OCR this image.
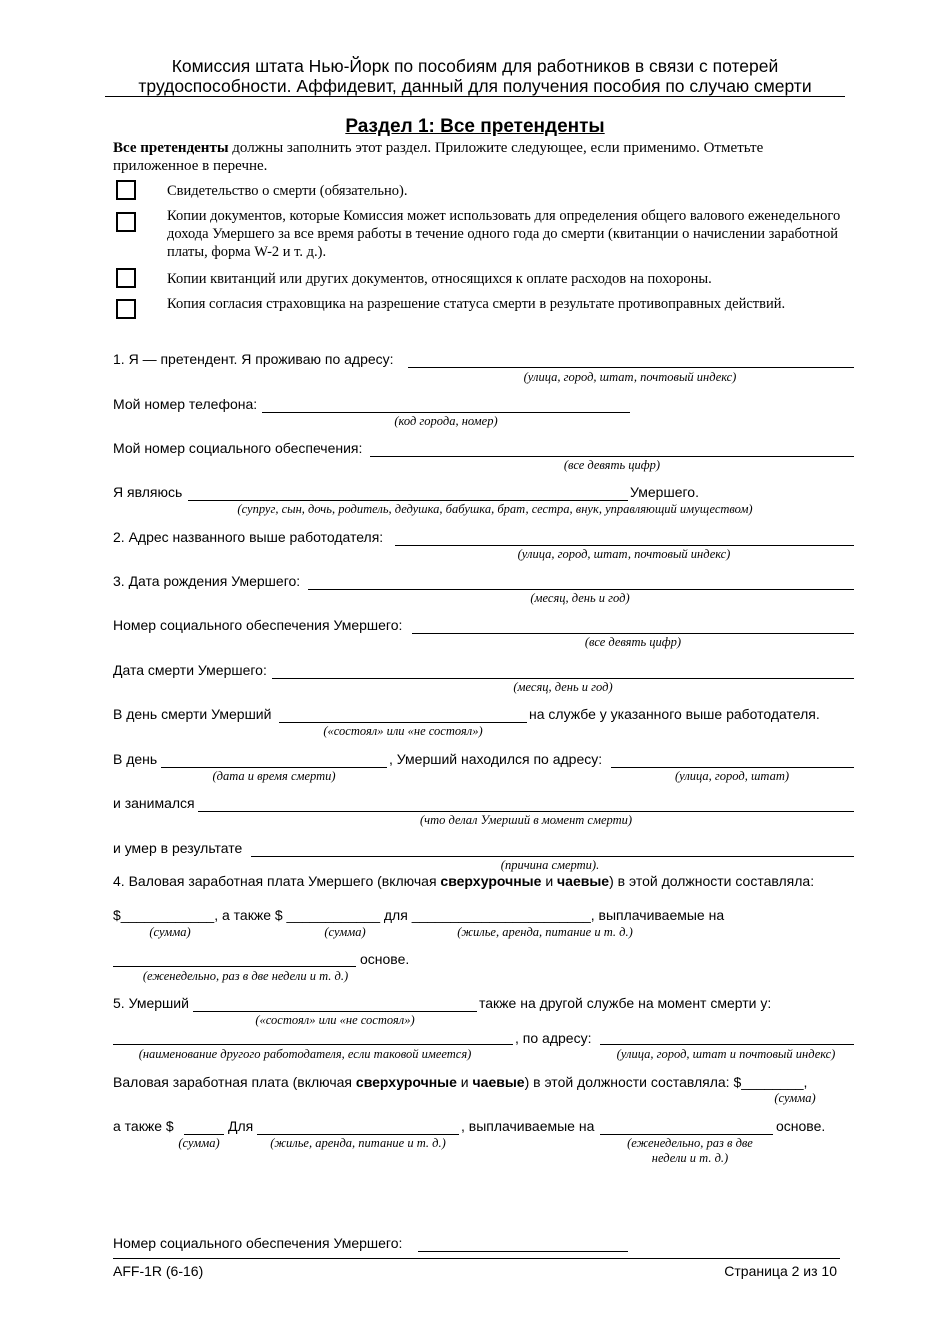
Комиссия штата Нью-Йорк по пособиям для работников в связи с потерей
трудоспособности. Аффидевит, данный для получения пособия по случаю смерти
Раздел 1: Все претенденты
Все претенденты должны заполнить этот раздел. Приложите следующее, если применимо. Отметьте приложенное в перечне.
Свидетельство о смерти (обязательно).
Копии документов, которые Комиссия может использовать для определения общего валового еженедельного дохода Умершего за все время работы в течение одного года до смерти (квитанции о начислении заработной платы, форма W-2 и т. д.).
Копии квитанций или других документов, относящихся к оплате расходов на похороны.
Копия согласия страховщика на разрешение статуса смерти в результате противоправных действий.
1. Я — претендент. Я проживаю по адресу:
(улица, город, штат, почтовый индекс)
Мой номер телефона:
(код города, номер)
Мой номер социального обеспечения:
(все девять цифр)
Я являюсь	Умершего.
(супруг, сын, дочь, родитель, дедушка, бабушка, брат, сестра, внук, управляющий имуществом)
2. Адрес названного выше работодателя:
(улица, город, штат, почтовый индекс)
3. Дата рождения Умершего:
(месяц, день и год)
Номер социального обеспечения Умершего:
(все девять цифр)
Дата смерти Умершего:
(месяц, день и год)
В день смерти Умерший	на службе у указанного выше работодателя.
(«состоял» или «не состоял»)
В день	, Умерший находился по адресу:
(дата и время смерти)	(улица, город, штат)
и занимался
(что делал Умерший в момент смерти)
и умер в результате
(причина смерти).
4. Валовая заработная плата Умершего (включая сверхурочные и чаевые) в этой должности составляла:
$____________, а также $ ____________ для _______________________, выплачиваемые на
(сумма)	(сумма)	(жилье, аренда, питание и т. д.)
основе.
(еженедельно, раз в две недели и т. д.)
5. Умерший	также на другой службе на момент смерти у:
(«состоял» или «не состоял»)
, по адресу:
(наименование другого работодателя, если таковой имеется)	(улица, город, штат и почтовый индекс)
Валовая заработная плата (включая сверхурочные и чаевые) в этой должности составляла: $________,
(сумма)
а также $	Для	, выплачиваемые на	основе.
(сумма)	(жилье, аренда, питание и т. д.)	(еженедельно, раз в две недели и т. д.)
Номер социального обеспечения Умершего:
AFF-1R (6-16)	Страница 2 из 10
